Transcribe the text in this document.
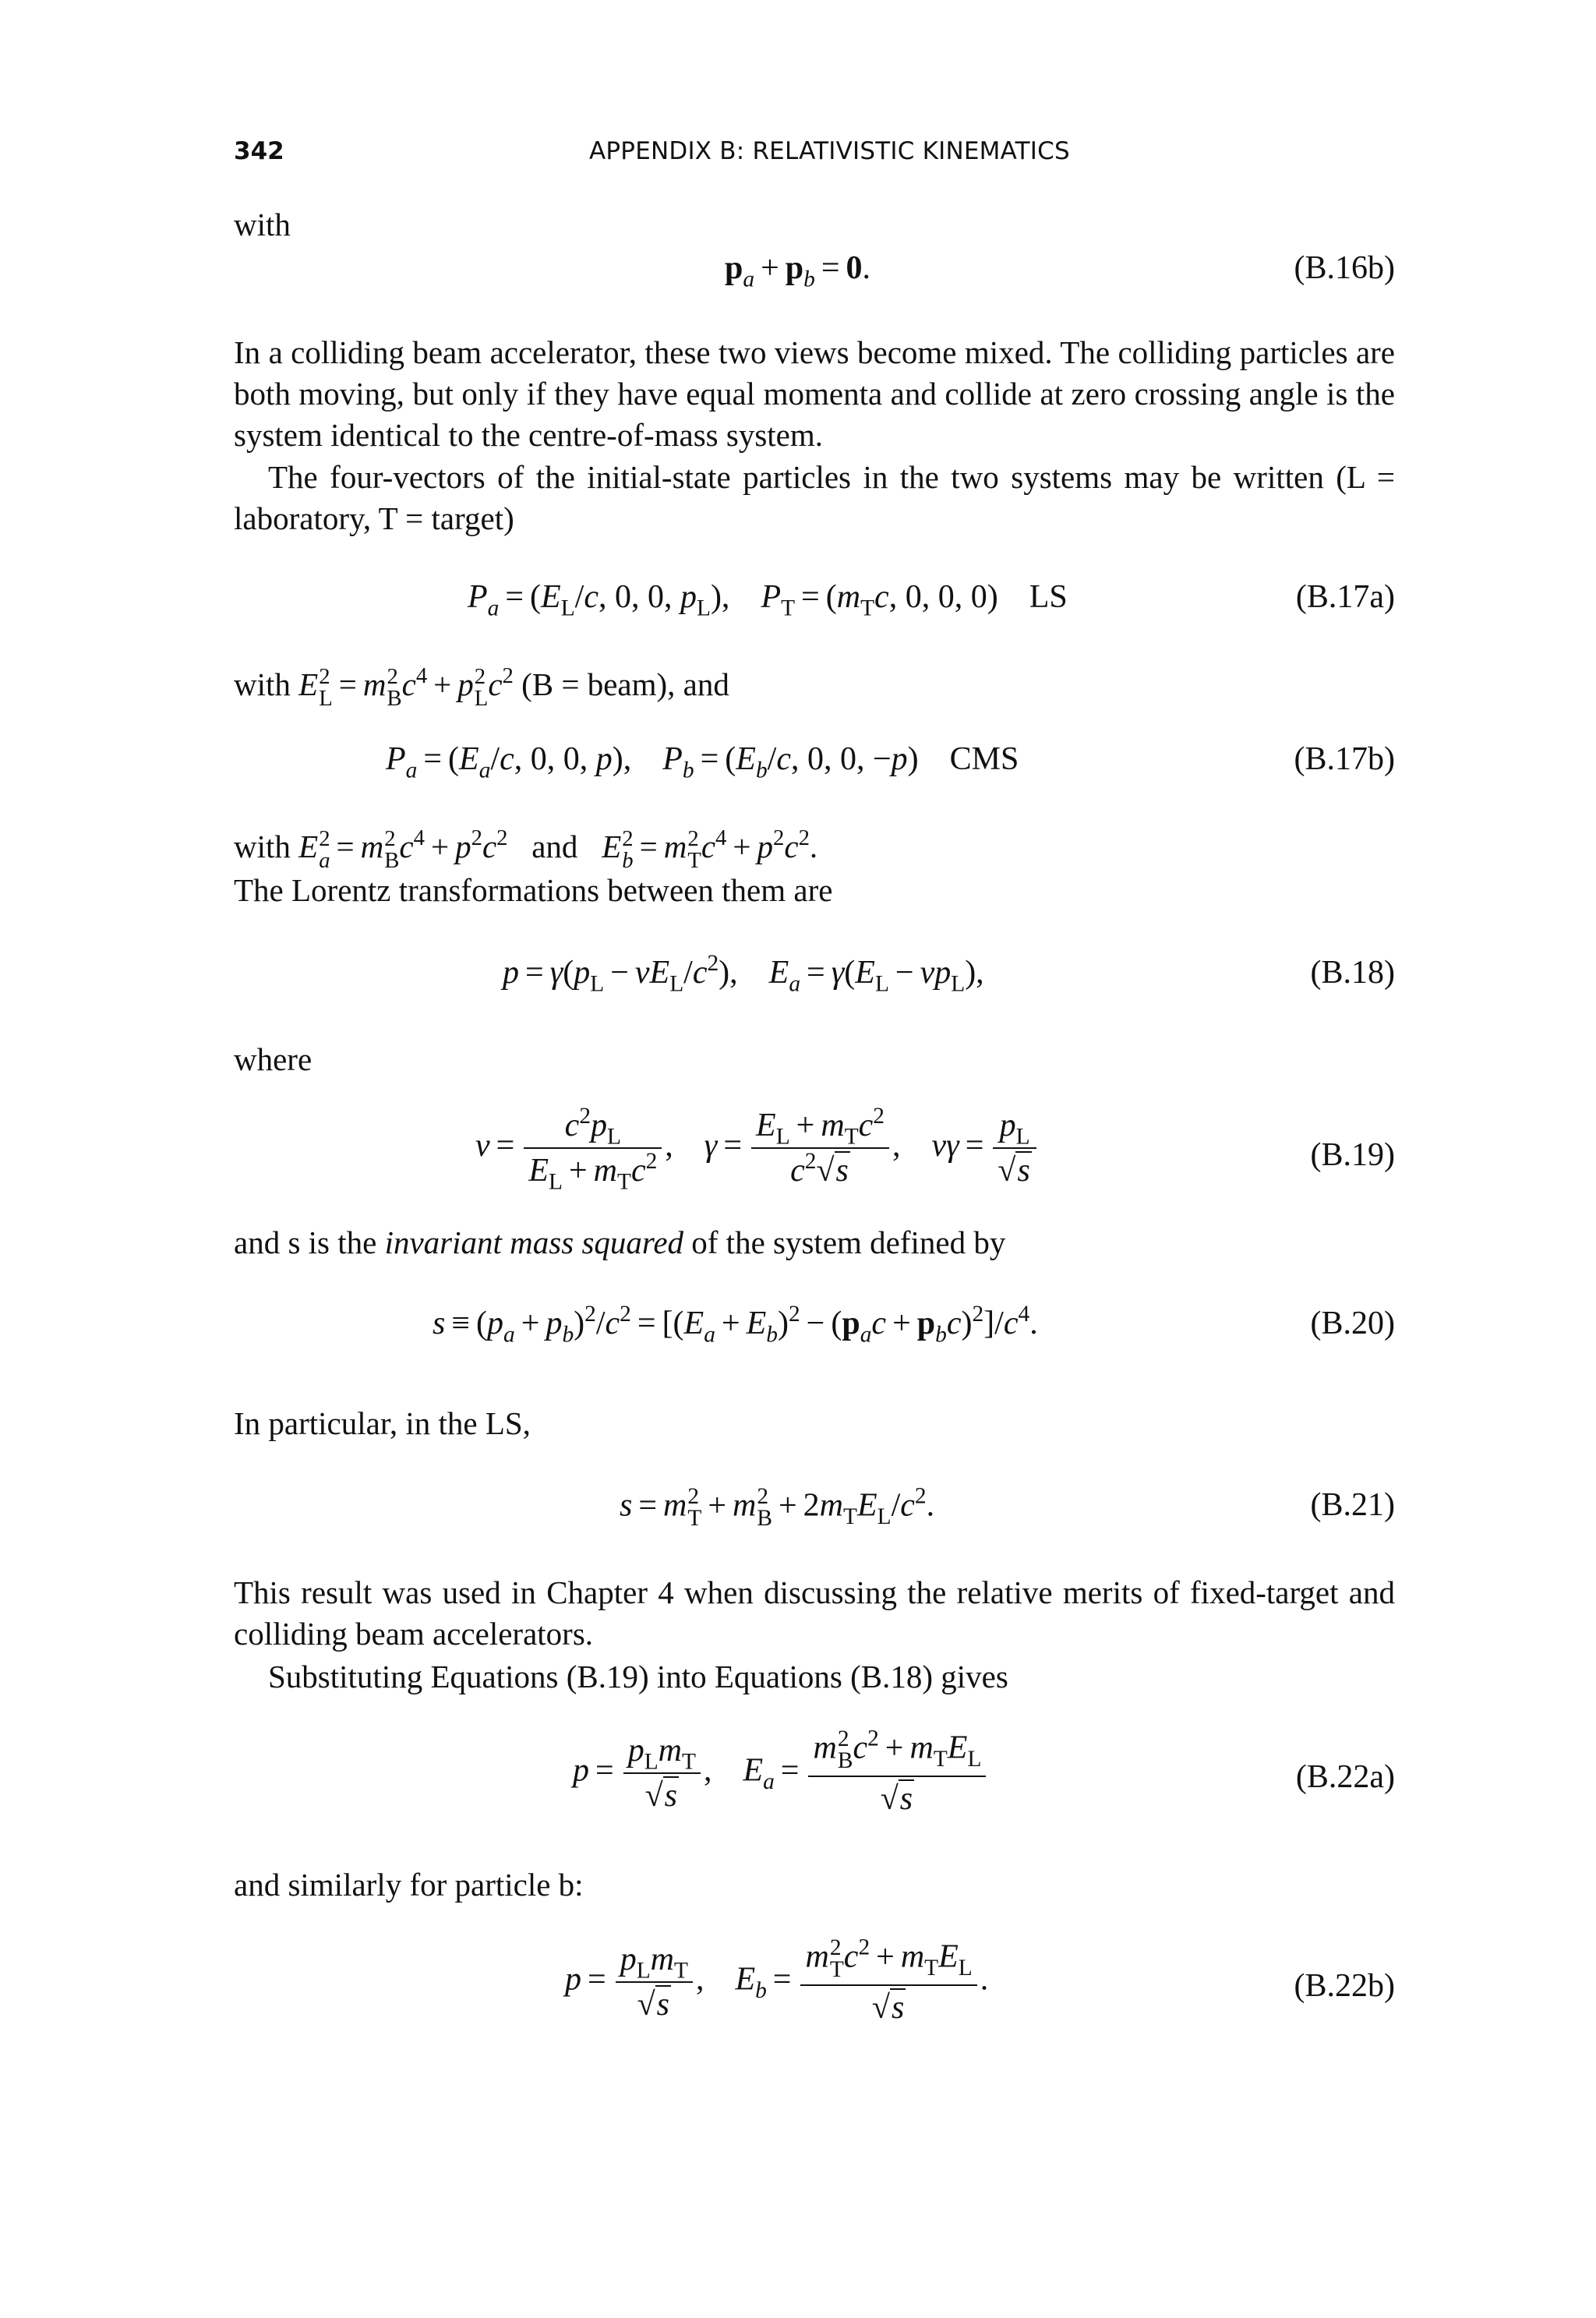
342	APPENDIX B: RELATIVISTIC KINEMATICS
with
$p_a + p_b = 0$.	(B.16b)
In a colliding beam accelerator, these two views become mixed. The colliding particles are both moving, but only if they have equal momenta and collide at zero crossing angle is the system identical to the centre-of-mass system.
The four-vectors of the initial-state particles in the two systems may be written (L = laboratory, T = target)
$P_a = (E_L/c$, 0, 0, $p_L$), $P_T = (m_Tc$, 0, 0, 0) LS	(B.17a)
with E 2
L = m 2
B $c^4 + p$ 2
L $c^2$ (B = beam), and
$P_a = (E_a/c$, 0, 0, p), $P_b = (E_b/c$, 0, 0, −p) CMS	(B.17b)
with E 2
a = m 2
B $c^4 + p^2c^2$ and E 2
b = m 2
T $c^4 + p^2c^2$.
The Lorentz transformations between them are
$p = \gamma(p_L - vE_L/c^2)$, $E_a = \gamma(E_L - vp_L)$,	(B.18)
where
$v = \frac{c^2p_L}{E_L + m_Tc^2}$ , $\gamma = \frac{E_L + m_Tc^2}{c^2√s}$ , $v\gamma = \frac{p_L}{√s}$	(B.19)
and s is the invariant mass squared of the system defined by
$s \equiv (p_a + p_b)^2/c^2 = [(E_a + E_b)^2 - (p_ac + p_bc)^2]/c^4$.	(B.20)
In particular, in the LS,
s = m 2
T + m 2
$B + 2m_TE_L/c^2$.	(B.21)
This result was used in Chapter 4 when discussing the relative merits of fixed-target and colliding beam accelerators.
Substituting Equations (B.19) into Equations (B.18) gives
$p = \frac{p_Lm_T}{√s}$ , $E_a = m$ 2
B $c^2 + m_TE_L$
√s	(B.22a)
and similarly for particle b:
$p = \frac{p_Lm_T}{√s}$ , $E_b = m$ 2
T $c^2 + m_TE_L$
√s .	(B.22b)
